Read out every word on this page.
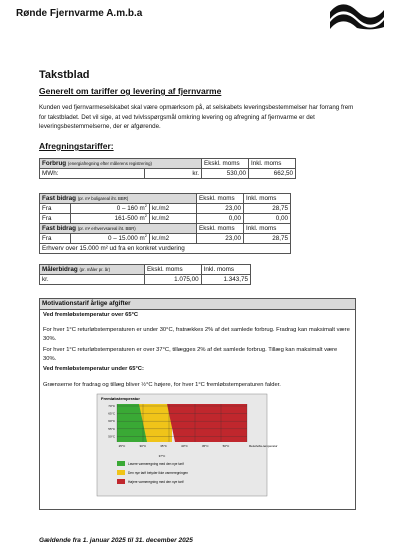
Rønde Fjernvarme A.m.b.a
Takstblad
Generelt om tariffer og levering af fjernvarme

Kunden ved fjernvarmeselskabet skal være opmærksom på, at selskabets leveringsbestemmelser har forrang frem for takstbladet. Det vil sige, at ved tvivlsspørgsmål omkring levering og afregning af fjernvarme er det leveringsbestemmelserne, der er afgørende.

Afregningstariffer:
Forbrug (energiafregning efter målerens registrering)		Ekskl. moms	Inkl. moms
MWh:	kr.	530,00	662,50
Fast bidrag (pr. m² boligareal iht. BBR)			Ekskl. moms	Inkl. moms
Fra	0 – 160 $m^2$	kr./m2	23,00	28,75
Fra	161-500 $m^2$	kr./m2	0,00	0,00
Fast bidrag (pr. m² erhvervsareal iht. BBR)			Ekskl. moms	Inkl. moms
Fra	0 – 15.000 $m^2$	kr./m2	23,00	28,75
Erhverv over 15.000 m² ud fra en konkret vurdering				
Målerbidrag (pr. måler pr. år)	Ekskl. moms	Inkl. moms
kr.	1.075,00	1.343,75
Motivationstarif årlige afgifter

Ved fremløbstemperatur over 65°C

For hver 1°C returløbstemperaturen er under 30°C, fratrækkes 2% af det samlede forbrug. Fradrag kan maksimalt være 30%.

For hver 1°C returløbstemperaturen er over 37°C, tillægges 2% af det samlede forbrug. Tillæg kan maksimalt være 30%.

Ved fremløbstemperatur under 65°C:

Grænserne for fradrag og tillæg bliver ½°C højere, for hver 1°C fremløbstemperaturen falder.

Fremløbstemperatur
70°C
65°C
60°C
55°C
50°C
25°C	30°C	35°C	40°C	45°C	50°C
37°C
Returløbs-temperatur
Lavere varmeregning med den nye tarif
Den nye tarif betyder ikke varmeregningen
Højere varmeregning med den nye tarif
Gældende fra 1. januar 2025 til 31. december 2025
